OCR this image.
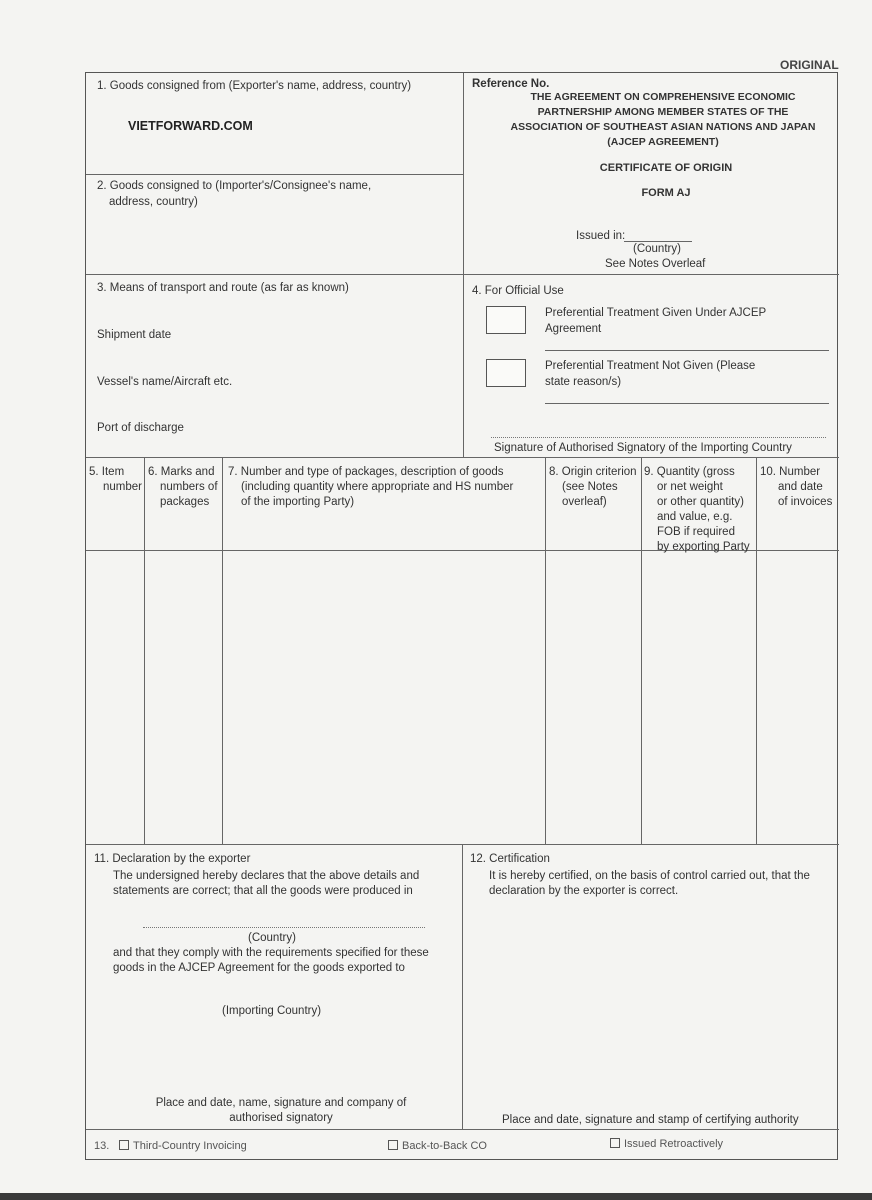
ORIGINAL
1. Goods consigned from (Exporter's name, address, country)
VIETFORWARD.COM
2. Goods consigned to (Importer's/Consignee's name,
address, country)
Reference No.
THE AGREEMENT ON COMPREHENSIVE ECONOMIC
PARTNERSHIP AMONG MEMBER STATES OF THE
ASSOCIATION OF SOUTHEAST ASIAN NATIONS AND JAPAN
(AJCEP AGREEMENT)
CERTIFICATE OF ORIGIN
FORM AJ
Issued in:
(Country)
See Notes Overleaf
3. Means of transport and route (as far as known)
Shipment date
Vessel's name/Aircraft etc.
Port of discharge
4. For Official Use
Preferential Treatment Given Under AJCEP
Agreement
Preferential Treatment Not Given (Please
state reason/s)
Signature of Authorised Signatory of the Importing Country
5. Item
number
6. Marks and
numbers of
packages
7. Number and type of packages, description of goods
(including quantity where appropriate and HS number
of the importing Party)
8. Origin criterion
(see Notes
overleaf)
9. Quantity (gross
or net weight
or other quantity)
and value, e.g.
FOB if required
by exporting Party
10. Number
and date
of invoices
11. Declaration by the exporter
The undersigned hereby declares that the above details and
statements are correct; that all the goods were produced in
(Country)
and that they comply with the requirements specified for these
goods in the AJCEP Agreement for the goods exported to
(Importing Country)
Place and date, name, signature and company of
authorised signatory
12. Certification
It is hereby certified, on the basis of control carried out, that the
declaration by the exporter is correct.
Place and date, signature and stamp of certifying authority
13.	Third-Country Invoicing	Back-to-Back CO	Issued Retroactively
